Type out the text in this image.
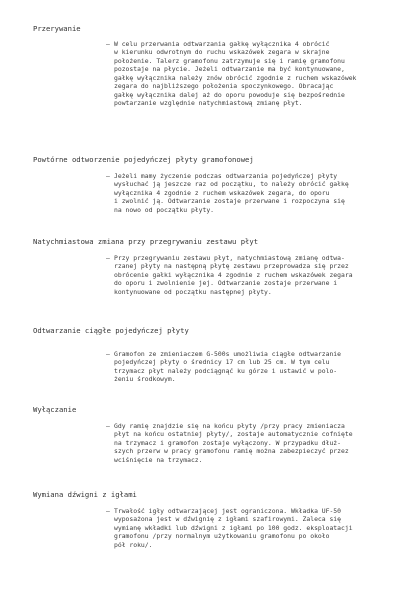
Przerywanie
– W celu przerwania odtwarzania gałkę wyłącznika 4 obrócić
w kierunku odwrotnym do ruchu wskazówek zegara w skrajne
położenie. Talerz gramofonu zatrzymuje się i ramię gramofonu
pozostaje na płycie. Jeżeli odtwarzanie ma być kontynuowane,
gałkę wyłącznika należy znów obrócić zgodnie z ruchem wskazówek
zegara do najbliższego położenia spoczynkowego. Obracając
gałkę wyłącznika dalej aż do oporu powoduje się bezpośrednie
powtarzanie względnie natychmiastową zmianę płyt.
Powtórne odtworzenie pojedyńczej płyty gramofonowej
– Jeżeli mamy życzenie podczas odtwarzania pojedyńczej płyty
wysłuchać ją jeszcze raz od początku, to należy obrócić gałkę
wyłącznika 4 zgodnie z ruchem wskazówek zegara, do oporu
i zwolnić ją. Odtwarzanie zostaje przerwane i rozpoczyna się
na nowo od początku płyty.
Natychmiastowa zmiana przy przegrywaniu zestawu płyt
– Przy przegrywaniu zestawu płyt, natychmiastową zmianę odtwa-
rzanej płyty na następną płytę zestawu przeprowadza się przez
obrócenie gałki wyłącznika 4 zgodnie z ruchem wskazówek zegara
do oporu i zwolnienie jej. Odtwarzanie zostaje przerwane i
kontynuowane od początku następnej płyty.
Odtwarzanie ciągłe pojedyńczej płyty
– Gramofon ze zmieniaczem G-500s umożliwia ciągłe odtwarzanie
pojedyńczej płyty o średnicy 17 cm lub 25 cm. W tym celu
trzymacz płyt należy podciągnąć ku górze i ustawić w polo-
żeniu środkowym.
Wyłączanie
– Gdy ramię znajdzie się na końcu płyty /przy pracy zmieniacza
płyt na końcu ostatniej płyty/, zostaje automatycznie cofnięte
na trzymacz i gramofon zostaje wyłączony. W przypadku dłuż-
szych przerw w pracy gramofonu ramię można zabezpieczyć przez
wciśnięcie na trzymacz.
Wymiana dźwigni z igłami
– Trwałość igły odtwarzającej jest ograniczona. Wkładka UF-50
wyposażona jest w dźwignię z igłami szafirowymi. Zaleca się
wymianę wkładki lub dźwigni z igłami po 100 godz. eksploatacji
gramofonu /przy normalnym użytkowaniu gramofonu po około
pół roku/.
